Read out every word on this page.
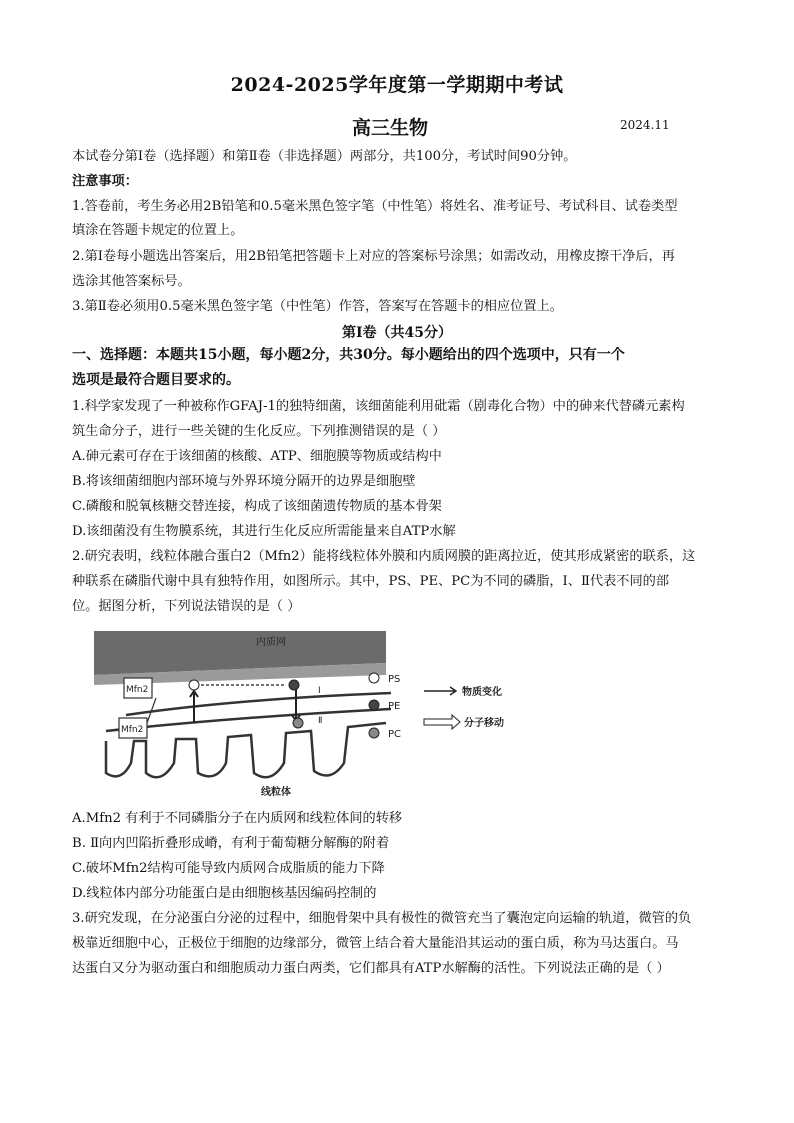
2024-2025学年度第一学期期中考试
高三生物	2024.11
本试卷分第Ⅰ卷（选择题）和第Ⅱ卷（非选择题）两部分，共100分，考试时间90分钟。
注意事项：
1.答卷前，考生务必用2B铅笔和0.5毫米黑色签字笔（中性笔）将姓名、准考证号、考试科目、试卷类型
填涂在答题卡规定的位置上。
2.第Ⅰ卷每小题选出答案后，用2B铅笔把答题卡上对应的答案标号涂黑；如需改动，用橡皮擦干净后，再
选涂其他答案标号。
3.第Ⅱ卷必须用0.5毫米黑色签字笔（中性笔）作答，答案写在答题卡的相应位置上。
第Ⅰ卷（共45分）
一、选择题：本题共15小题，每小题2分，共30分。每小题给出的四个选项中，只有一个
选项是最符合题目要求的。
1.科学家发现了一种被称作GFAJ-1的独特细菌，该细菌能利用砒霜（剧毒化合物）中的砷来代替磷元素构
筑生命分子，进行一些关键的生化反应。下列推测错误的是（ ）
A.砷元素可存在于该细菌的核酸、ATP、细胞膜等物质或结构中
B.将该细菌细胞内部环境与外界环境分隔开的边界是细胞壁
C.磷酸和脱氧核糖交替连接，构成了该细菌遗传物质的基本骨架
D.该细菌没有生物膜系统，其进行生化反应所需能量来自ATP水解
2.研究表明，线粒体融合蛋白2（Mfn2）能将线粒体外膜和内质网膜的距离拉近，使其形成紧密的联系，这
种联系在磷脂代谢中具有独特作用，如图所示。其中，PS、PE、PC为不同的磷脂，Ⅰ、Ⅱ代表不同的部
位。据图分析，下列说法错误的是（ ）
Mfn2
Mfn2
内质网
线粒体
Ⅰ
Ⅱ
PS
PE
PC
物质变化
分子移动
A.Mfn2 有利于不同磷脂分子在内质网和线粒体间的转移
B. Ⅱ向内凹陷折叠形成嵴，有利于葡萄糖分解酶的附着
C.破坏Mfn2结构可能导致内质网合成脂质的能力下降
D.线粒体内部分功能蛋白是由细胞核基因编码控制的
3.研究发现，在分泌蛋白分泌的过程中，细胞骨架中具有极性的微管充当了囊泡定向运输的轨道，微管的负
极靠近细胞中心，正极位于细胞的边缘部分，微管上结合着大量能沿其运动的蛋白质，称为马达蛋白。马
达蛋白又分为驱动蛋白和细胞质动力蛋白两类，它们都具有ATP水解酶的活性。下列说法正确的是（ ）
